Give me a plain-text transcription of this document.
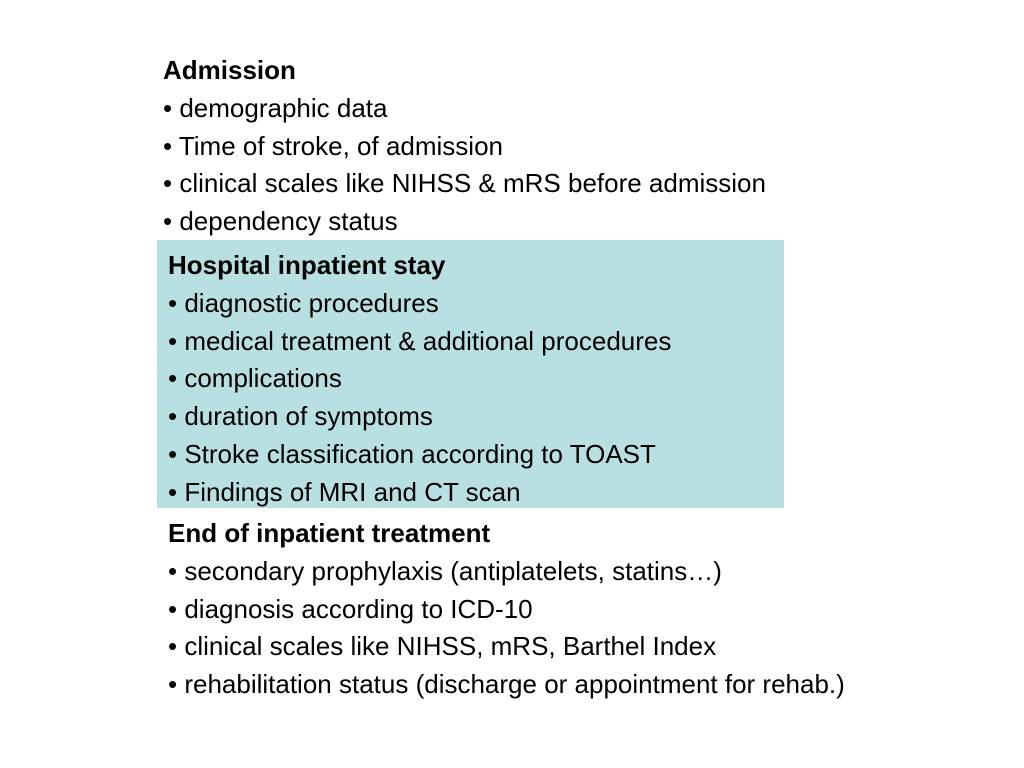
Admission
• demographic data
• Time of stroke, of admission
• clinical scales like NIHSS & mRS before admission
• dependency status
Hospital inpatient stay
• diagnostic procedures
• medical treatment & additional procedures
• complications
• duration of symptoms
• Stroke classification according to TOAST
• Findings of MRI and CT scan
End of inpatient treatment
• secondary prophylaxis (antiplatelets, statins…)
• diagnosis according to ICD-10
• clinical scales like NIHSS, mRS, Barthel Index
• rehabilitation status (discharge or appointment for rehab.)
